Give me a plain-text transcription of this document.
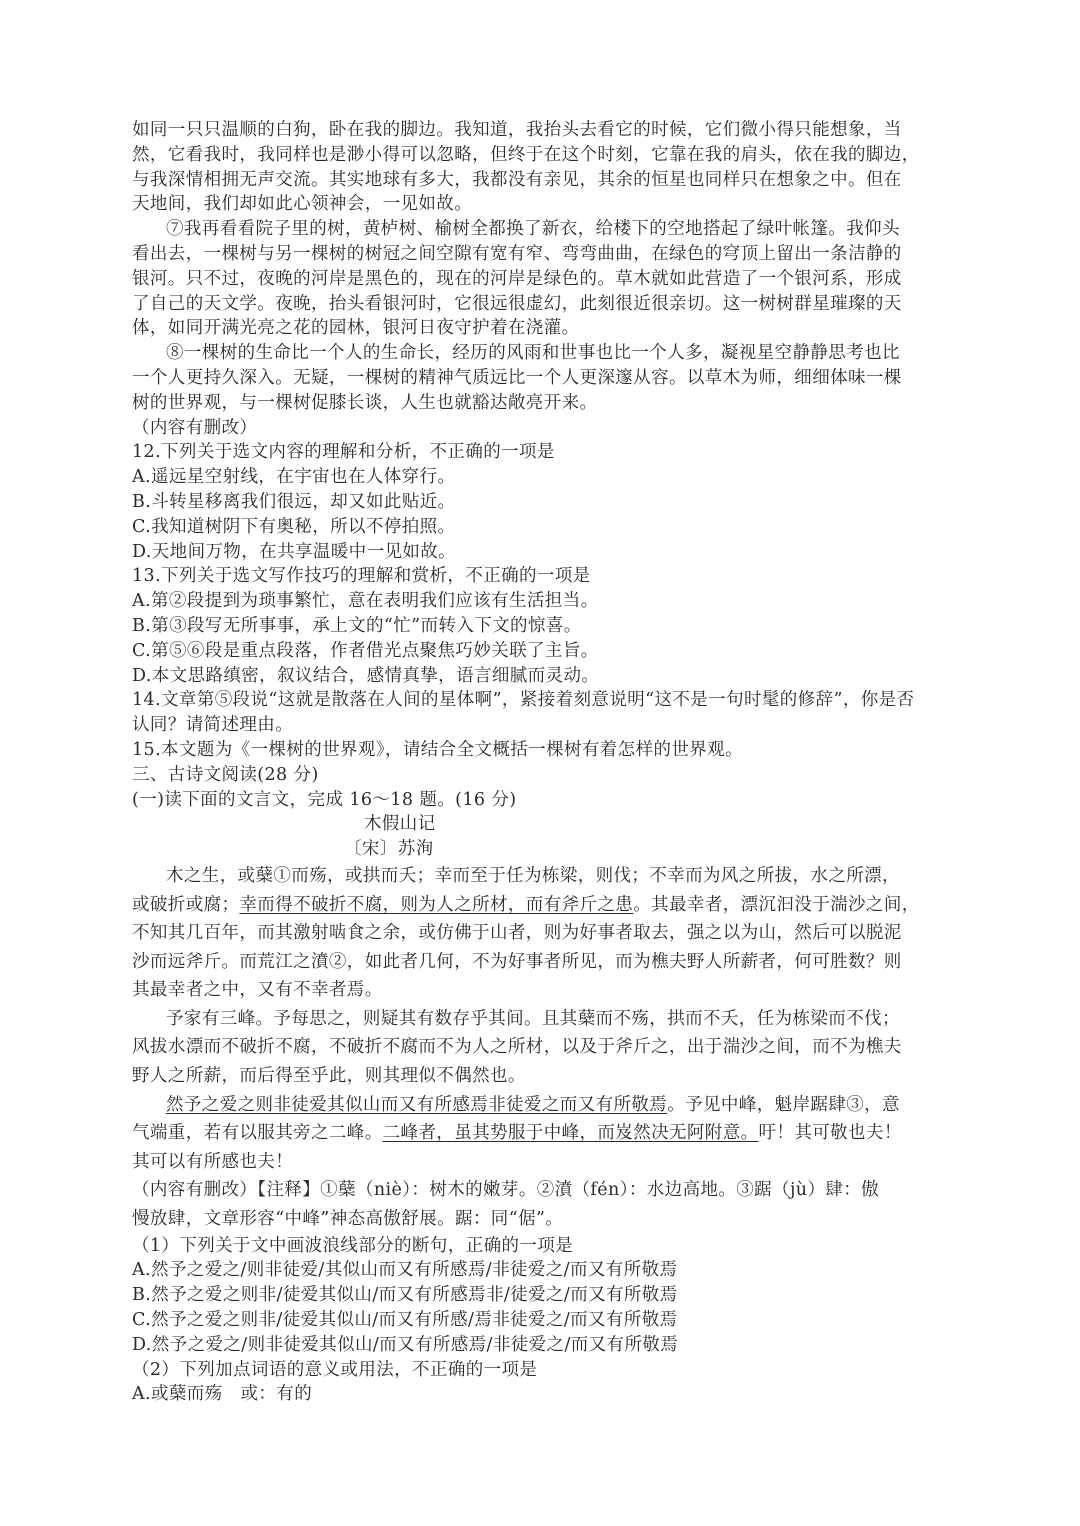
如同一只只温顺的白狗，卧在我的脚边。我知道，我抬头去看它的时候，它们微小得只能想象，当
然，它看我时，我同样也是渺小得可以忽略，但终于在这个时刻，它靠在我的肩头，依在我的脚边，
与我深情相拥无声交流。其实地球有多大，我都没有亲见，其余的恒星也同样只在想象之中。但在
天地间，我们却如此心领神会，一见如故。
⑦我再看看院子里的树，黄栌树、榆树全都换了新衣，给楼下的空地搭起了绿叶帐篷。我仰头
看出去，一棵树与另一棵树的树冠之间空隙有宽有窄、弯弯曲曲，在绿色的穹顶上留出一条洁静的
银河。只不过，夜晚的河岸是黑色的，现在的河岸是绿色的。草木就如此营造了一个银河系，形成
了自己的天文学。夜晚，抬头看银河时，它很远很虚幻，此刻很近很亲切。这一树树群星璀璨的天
体，如同开满光亮之花的园林，银河日夜守护着在浇灌。
⑧一棵树的生命比一个人的生命长，经历的风雨和世事也比一个人多，凝视星空静静思考也比
一个人更持久深入。无疑，一棵树的精神气质远比一个人更深邃从容。以草木为师，细细体味一棵
树的世界观，与一棵树促膝长谈，人生也就豁达敞亮开来。
（内容有删改）
12.下列关于选文内容的理解和分析，不正确的一项是
A.遥远星空射线，在宇宙也在人体穿行。
B.斗转星移离我们很远，却又如此贴近。
C.我知道树阴下有奥秘，所以不停拍照。
D.天地间万物，在共享温暖中一见如故。
13.下列关于选文写作技巧的理解和赏析，不正确的一项是
A.第②段提到为琐事繁忙，意在表明我们应该有生活担当。
B.第③段写无所事事，承上文的“忙”而转入下文的惊喜。
C.第⑤⑥段是重点段落，作者借光点聚焦巧妙关联了主旨。
D.本文思路缜密，叙议结合，感情真挚，语言细腻而灵动。
14.文章第⑤段说“这就是散落在人间的星体啊”，紧接着刻意说明“这不是一句时髦的修辞”，你是否
认同？请简述理由。
15.本文题为《一棵树的世界观》，请结合全文概括一棵树有着怎样的世界观。
三、古诗文阅读(28 分)
(一)读下面的文言文，完成 16～18 题。(16 分)
木假山记
〔宋〕苏洵
木之生，或蘖①而殇，或拱而夭；幸而至于任为栋梁，则伐；不幸而为风之所拔，水之所漂，
或破折或腐；幸而得不破折不腐，则为人之所材，而有斧斤之患。其最幸者，漂沉汩没于湍沙之间，
不知其几百年，而其激射啮食之余，或仿佛于山者，则为好事者取去，强之以为山，然后可以脱泥
沙而远斧斤。而荒江之濆②，如此者几何，不为好事者所见，而为樵夫野人所薪者，何可胜数？则
其最幸者之中，又有不幸者焉。
予家有三峰。予每思之，则疑其有数存乎其间。且其蘖而不殇，拱而不夭，任为栋梁而不伐；
风拔水漂而不破折不腐，不破折不腐而不为人之所材，以及于斧斤之，出于湍沙之间，而不为樵夫
野人之所薪，而后得至乎此，则其理似不偶然也。
然予之爱之则非徒爱其似山而又有所感焉非徒爱之而又有所敬焉。予见中峰，魁岸踞肆③，意
气端重，若有以服其旁之二峰。二峰者，虽其势服于中峰，而岌然决无阿附意。吁！其可敬也夫！
其可以有所感也夫！
（内容有删改）【注释】①蘖（niè）：树木的嫩芽。②濆（fén）：水边高地。③踞（jù）肆：傲
慢放肆，文章形容“中峰”神态高傲舒展。踞：同“倨”。
（1）下列关于文中画波浪线部分的断句，正确的一项是
A.然予之爱之/则非徒爱/其似山而又有所感焉/非徒爱之/而又有所敬焉
B.然予之爱之则非/徒爱其似山/而又有所感焉非/徒爱之/而又有所敬焉
C.然予之爱之则非/徒爱其似山/而又有所感/焉非徒爱之/而又有所敬焉
D.然予之爱之/则非徒爱其似山/而又有所感焉/非徒爱之/而又有所敬焉
（2）下列加点词语的意义或用法，不正确的一项是
A.或蘖而殇　或：有的
